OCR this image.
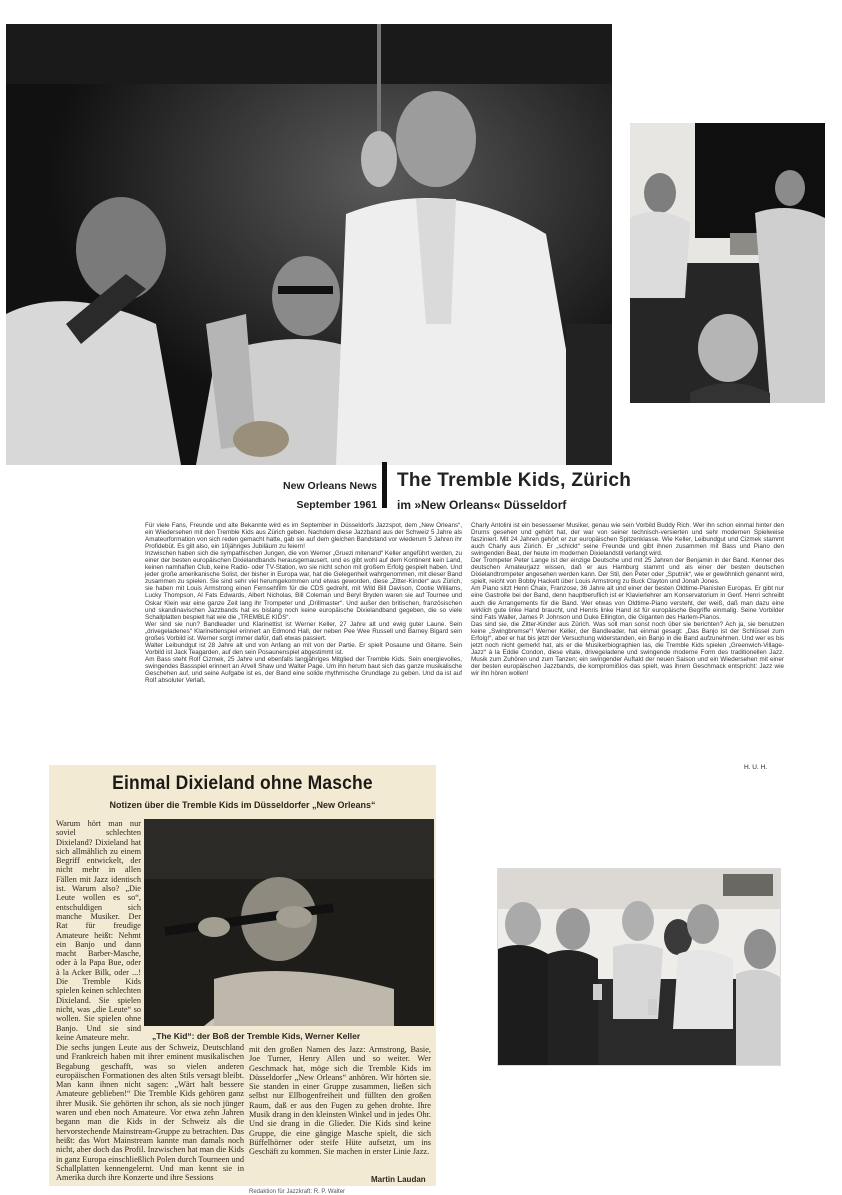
New Orleans News
September 1961
The Tremble Kids, Zürich
im »New Orleans« Düsseldorf

Für viele Fans, Freunde und alte Bekannte wird es im September in Düsseldorfs Jazzspot, dem „New Orleans“, ein Wiedersehen mit den Tremble Kids aus Zürich geben. Nachdem diese Jazzband aus der Schweiz 5 Jahre als Amateurformation von sich reden gemacht hatte, gab sie auf dem gleichen Bandstand vor wiederum 5 Jahren ihr Profidebüt. Es gilt also, ein 10jähriges Jubiläum zu feiern!

Inzwischen haben sich die sympathischen Jungen, die von Werner „Gruezi mitenand“ Keller angeführt werden, zu einer der besten europäischen Dixielandbands herausgemausert, und es gibt wohl auf dem Kontinent kein Land, keinen namhaften Club, keine Radio- oder TV-Station, wo sie nicht schon mit großem Erfolg gespielt haben. Und jeder große amerikanische Solist, der bisher in Europa war, hat die Gelegenheit wahrgenommen, mit dieser Band zusammen zu spielen. Sie sind sehr viel herumgekommen und etwas geworden, diese „Zitter-Kinder“ aus Zürich, sie haben mit Louis Armstrong einen Fernsehfilm für die CDS gedreht, mit Wild Bill Davison, Cootie Williams, Lucky Thompson, Al Fats Edwards, Albert Nicholas, Bill Coleman und Beryl Bryden waren sie auf Tournee und Oskar Klein war eine ganze Zeit lang ihr Trompeter und „Drillmaster“. Und außer den britischen, französischen und skandinavischen Jazzbands hat es bislang noch keine europäische Dixielandband gegeben, die so viele Schallplatten bespielt hat wie die „TREMBLE KIDS“.

Wer sind sie nun? Bandleader und Klarinettist ist Werner Keller, 27 Jahre alt und ewig guter Laune. Sein „drivegeladenes“ Klarinettenspiel erinnert an Edmond Hall, der neben Pee Wee Russell und Barney Bigard sein großes Vorbild ist. Werner sorgt immer dafür, daß etwas passiert.

Walter Leibundgut ist 28 Jahre alt und von Anfang an mit von der Partie. Er spielt Posaune und Gitarre. Sein Vorbild ist Jack Teagarden, auf den sein Posaunenspiel abgestimmt ist.

Am Bass steht Rolf Cizmek, 25 Jahre und ebenfalls langjähriges Mitglied der Tremble Kids. Sein energievolles, swingendes Bassspiel erinnert an Arvell Shaw und Walter Page. Um ihn herum baut sich das ganze musikalische Geschehen auf, und seine Aufgabe ist es, der Band eine solide rhythmische Grundlage zu geben. Und da ist auf Rolf absoluter Verlaß.

Charly Antolini ist ein besessener Musiker, genau wie sein Vorbild Buddy Rich. Wer ihn schon einmal hinter den Drums gesehen und gehört hat, der war von seiner technisch-versierten und sehr modernen Spielweise fasziniert. Mit 24 Jahren gehört er zur europäischen Spitzenklasse. Wie Keller, Leibundgut und Cizmek stammt auch Charly aus Zürich. Er „schickt“ seine Freunde und gibt ihnen zusammen mit Bass und Piano den swingenden Beat, der heute im modernen Dixielandstil verlangt wird.

Der Trompeter Peter Lange ist der einzige Deutsche und mit 25 Jahren der Benjamin in der Band. Kenner des deutschen Amateurjazz wissen, daß er aus Hamburg stammt und als einer der besten deutschen Dixielandtrompeter angesehen werden kann. Der Stil, den Peter oder „Sputnik“, wie er gewöhnlich genannt wird, spielt, reicht von Bobby Hackett über Louis Armstrong zu Buck Clayton und Jonah Jones.

Am Piano sitzt Henri Chaix, Franzose, 36 Jahre alt und einer der besten Oldtime-Pianisten Europas. Er gibt nur eine Gastrolle bei der Band, denn hauptberuflich ist er Klavierlehrer am Konservatorium in Genf. Henri schreibt auch die Arrangements für die Band. Wer etwas von Oldtime-Piano versteht, der weiß, daß man dazu eine wirklich gute linke Hand braucht, und Henris linke Hand ist für europäische Begriffe einmalig. Seine Vorbilder sind Fats Waller, James P. Johnson und Duke Ellington, die Giganten des Harlem-Pianos.

Das sind sie, die Zitter-Kinder aus Zürich. Was soll man sonst noch über sie berichten? Ach ja, sie benutzen keine „Swingbremse“! Werner Keller, der Bandleader, hat einmal gesagt: „Das Banjo ist der Schlüssel zum Erfolg!“, aber er hat bis jetzt der Versuchung widerstanden, ein Banjo in die Band aufzunehmen. Und wer es bis jetzt noch nicht gemerkt hat, als er die Musikerbiographien las, die Tremble Kids spielen „Greenwich-Village-Jazz“ à la Eddie Condon, diese vitale, drivegeladene und swingende moderne Form des traditionellen Jazz. Musik zum Zuhören und zum Tanzen; ein swingender Auftakt der neuen Saison und ein Wiedersehen mit einer der besten europäischen Jazzbands, die kompromißlos das spielt, was ihrem Geschmack entspricht: Jazz wie wir ihn hören wollen!

H. U. H.
Einmal Dixieland ohne Masche
Notizen über die Tremble Kids im Düsseldorfer „New Orleans“
Warum hört man nur soviel schlechten Dixieland? Dixieland hat sich allmählich zu einem Begriff entwickelt, der nicht mehr in allen Fällen mit Jazz identisch ist. Warum also? „Die Leute wollen es so“, entschuldigen sich manche Musiker. Der Rat für freudige Amateure heißt: Nehmt ein Banjo und dann macht Barber-Masche, oder à la Papa Bue, oder à la Acker Bilk, oder ...! Die Tremble Kids spielen keinen schlechten Dixieland. Sie spielen nicht, was „die Leute“ so wollen. Sie spielen ohne Banjo. Und sie sind keine Amateure mehr.	„The Kid“: der Boß der Tremble Kids, Werner Keller
Die sechs jungen Leute aus der Schweiz, Deutschland und Frankreich haben mit ihrer eminent musikalischen Begabung geschafft, was so vielen anderen europäischen Formationen des alten Stils versagt bleibt. Man kann ihnen nicht sagen: „Wärt halt bessere Amateure geblieben!“ Die Tremble Kids gehören ganz ihrer Musik. Sie gehörten ihr schon, als sie noch jünger waren und eben noch Amateure. Vor etwa zehn Jahren begann man die Kids in der Schweiz als die hervorstechende Mainstream-Gruppe zu betrachten. Das heißt: das Wort Mainstream kannte man damals noch nicht, aber doch das Profil. Inzwischen hat man die Kids in ganz Europa einschließlich Polen durch Tourneen und Schallplatten kennengelernt. Und man kennt sie in Amerika durch ihre Konzerte und ihre Sessions
mit den großen Namen des Jazz: Armstrong, Basie, Joe Turner, Henry Allen und so weiter. Wer Geschmack hat, möge sich die Tremble Kids im Düsseldorfer „New Orleans“ anhören. Wir hörten sie. Sie standen in einer Gruppe zusammen, ließen sich selbst nur Ellbogenfreiheit und füllten den großen Raum, daß er aus den Fugen zu gehen drohte. Ihre Musik drang in den kleinsten Winkel und in jedes Ohr. Und sie drang in die Glieder. Die Kids sind keine Gruppe, die eine gängige Masche spielt, die sich Büffelhörner oder steife Hüte aufsetzt, um ins Geschäft zu kommen. Sie machen in erster Linie Jazz.
Martin Laudan
Redaktion für Jazzkraft: R. P. Walter
